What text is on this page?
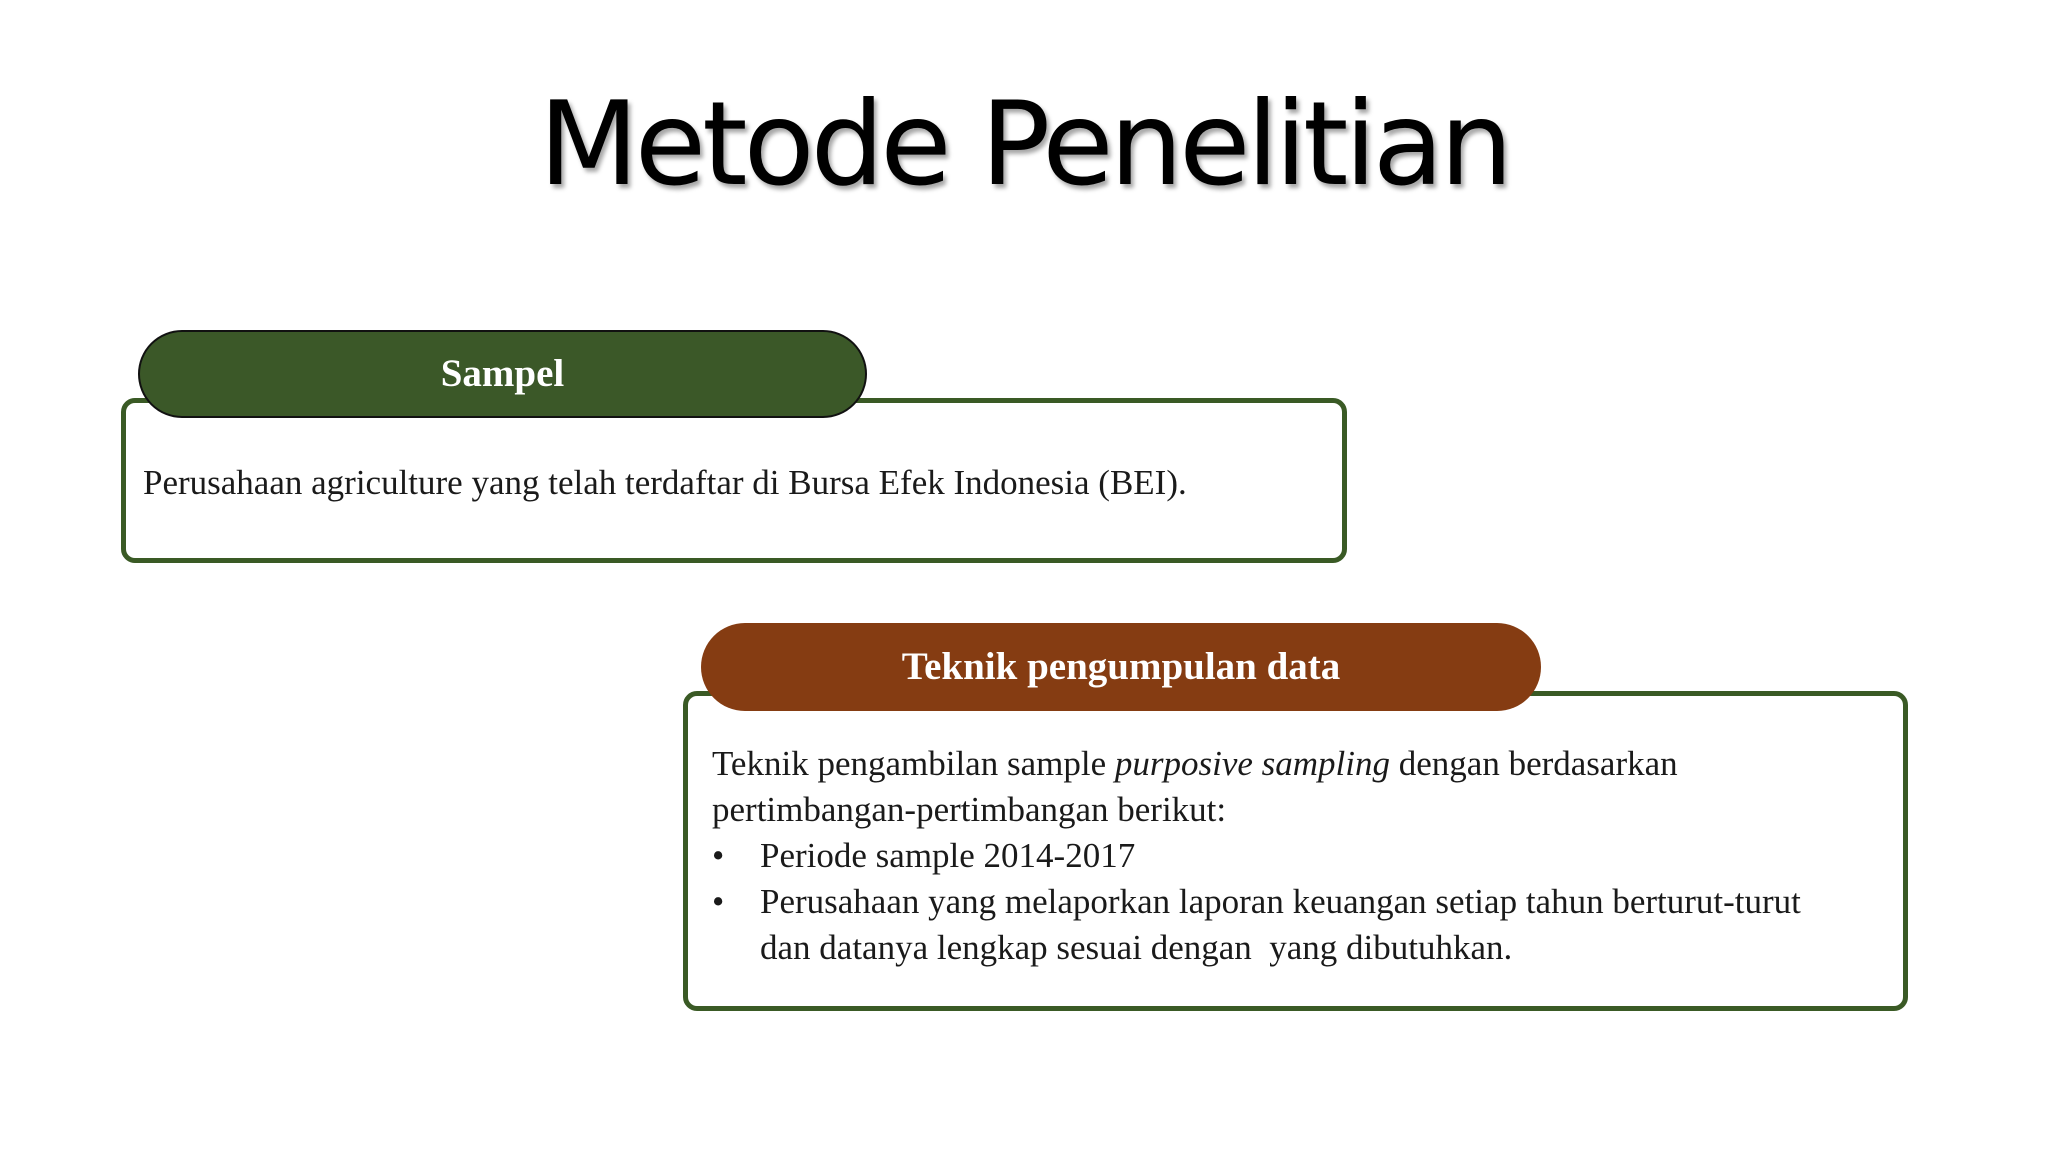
Metode Penelitian
Perusahaan agriculture yang telah terdaftar di Bursa Efek Indonesia (BEI).
Sampel
Teknik pengambilan sample purposive sampling dengan berdasarkan
pertimbangan-pertimbangan berikut:
• Periode sample 2014-2017
• Perusahaan yang melaporkan laporan keuangan setiap tahun berturut-turut
dan datanya lengkap sesuai dengan  yang dibutuhkan.
Teknik pengumpulan data
